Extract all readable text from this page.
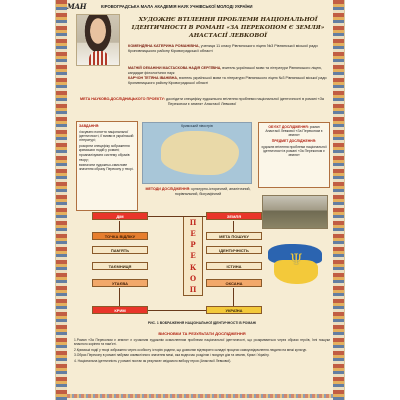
МАН	КІРОВОГРАДСЬКА МАЛА АКАДЕМІЯ НАУК УЧНІВСЬКОЇ МОЛОДІ УКРАЇНИ
ХУДОЖНЄ ВТІЛЕННЯ ПРОБЛЕМИ НАЦІОНАЛЬНОЇ ІДЕНТИЧНОСТІ В РОМАНІ «ЗА ПЕРЕКОПОМ Є ЗЕМЛЯ» АНАСТАСІЇ ЛЕВКОВОЇ
КОМЕНДЯНА КАТЕРИНА РОМАНІВНА, учениця 11 класу Рівнянського ліцею №3 Рівнянської міської ради Кропивницького району Кіровоградської області

МАГНІЙ ОЕКАНІНИ МАСТАСКОВА НАДІЯ СЕРГІЇВНА, вчитель української мови та літератури Рівнянського ліцею, кандидат філологічних наук

КАРЧОН ТЕТЯНА ІВАНІВНА, вчитель української мови та літератури Рівнянського ліцею №3 Рівнянської міської ради Кропивницького району Кіровоградської області

МЕТА НАУКОВО-ДОСЛІДНИЦЬКОГО ПРОЕКТУ: дослідити специфіку художнього втілення проблеми національної ідентичності в романі «За Перекопом є земля» Анастасії Левкової

ЗАВДАННЯ:

з'ясувати поняття національної ідентичності, її вияви в українській літературі;

розкрити специфіку зображення кримських подій у романі;

проаналізувати систему образів твору;

визначити художньо-смислове значення образу Перекопу у творі.

Кримський півострів	ОБ'ЄКТ ДОСЛІДЖЕННЯ: роман Анастасії Левкової «За Перекопом є земля»

ПРЕДМЕТ ДОСЛІДЖЕННЯ:

художнє втілення проблеми національної ідентичності в романі «За Перекопом є земля»

МЕТОДИ ДОСЛІДЖЕННЯ: культурно-історичний, аналітичний, порівняльний, біографічний
ДІМ	ЗЕМЛЯ
ТОЧКА ВІДЛІКУ
ПАМ'ЯТЬ
ТАЄМНИЦЯ
УТАЄВА
МЕТА ПОШУКУ
ІДЕНТИЧНІСТЬ
ІСТИНА
ОКСАНА
КРИМ	УКРАЇНА
П
Е
Р
Е
К
О
П
Ψ
РИС. 1 ВОБРАЖЕННЯ НАЦІОНАЛЬНОЇ ІДЕНТИЧНОСТІ В РОМАНІ
ВИСНОВКИ ТА РЕЗУЛЬТАТИ ДОСЛІДЖЕННЯ

1.Роман «За Перекопом є земля» є сучасним художнім осмисленням проблеми національної ідентичності, що розкривається через образи героїв, їхні пошуки власного коріння та памʼяті.

2.Кримські події у творі зображено через особисту історію родини, що дозволяє відтворити складні процеси самоусвідомлення людини на межі культур.

3.Образ Перекопу в романі набуває символічного значення межі, яка водночас розділяє і поєднує дім та землю, Крим і Україну.

4. Національна ідентичність у романі постає як результат свідомого вибору героя (Анастасії Левкової).
